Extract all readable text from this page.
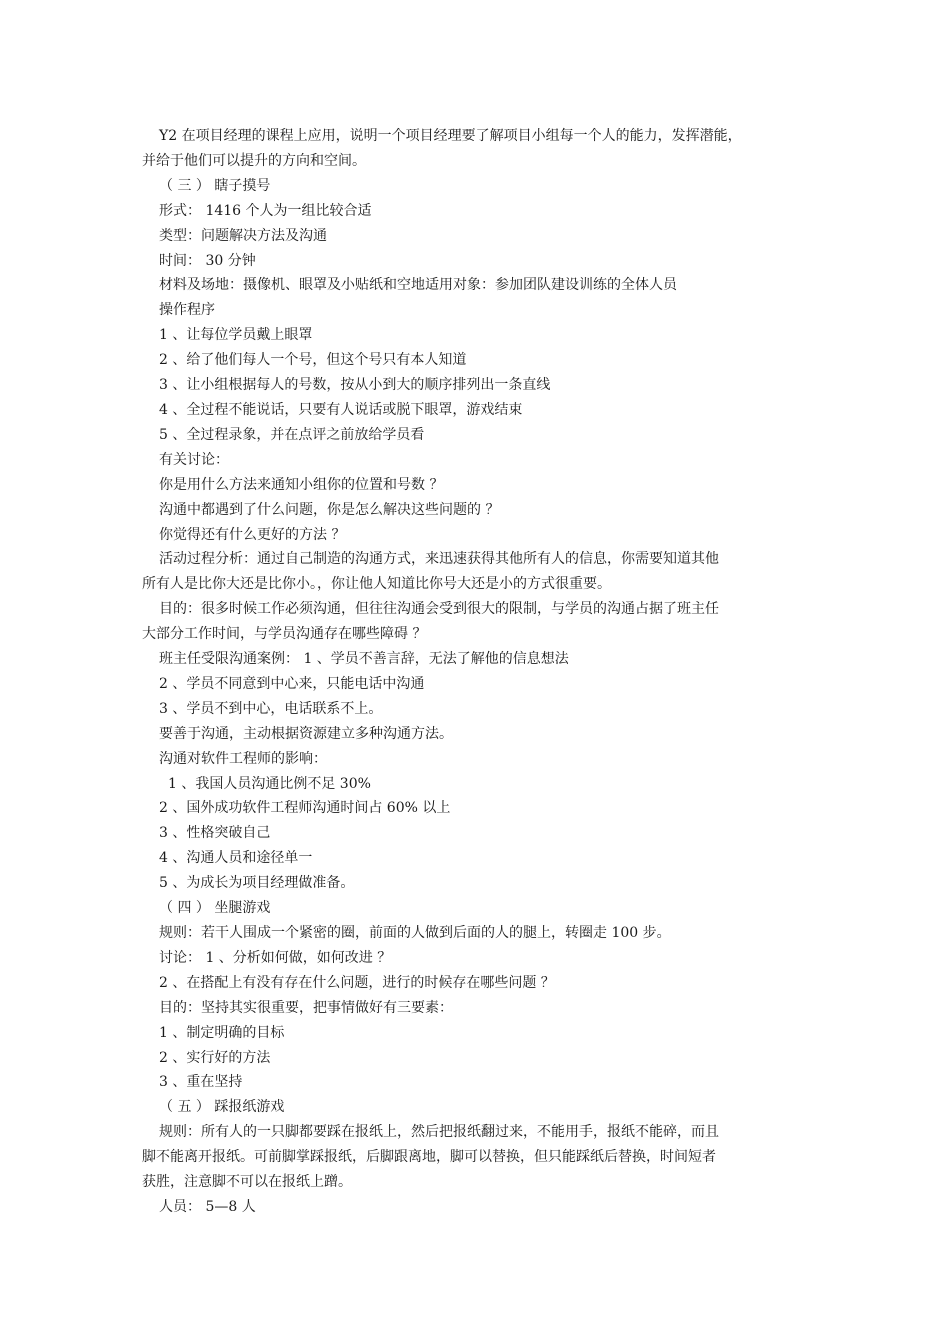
Y2 在项目经理的课程上应用，说明一个项目经理要了解项目小组每一个人的能力，发挥潜能，

并给于他们可以提升的方向和空间。

（ 三 ） 瞎子摸号

形式： 1416 个人为一组比较合适

类型：问题解决方法及沟通

时间： 30 分钟

材料及场地：摄像机、眼罩及小贴纸和空地适用对象：参加团队建设训练的全体人员

操作程序

1 、让每位学员戴上眼罩

2 、给了他们每人一个号，但这个号只有本人知道

3 、让小组根据每人的号数，按从小到大的顺序排列出一条直线

4 、全过程不能说话，只要有人说话或脱下眼罩，游戏结束

5 、全过程录象，并在点评之前放给学员看

有关讨论：

你是用什么方法来通知小组你的位置和号数 ？

沟通中都遇到了什么问题，你是怎么解决这些问题的 ？

你觉得还有什么更好的方法 ？

活动过程分析：通过自己制造的沟通方式，来迅速获得其他所有人的信息，你需要知道其他

所有人是比你大还是比你小。，你让他人知道比你号大还是小的方式很重要。

目的：很多时候工作必须沟通，但往往沟通会受到很大的限制，与学员的沟通占据了班主任

大部分工作时间，与学员沟通存在哪些障碍 ？

班主任受限沟通案例： 1 、学员不善言辞，无法了解他的信息想法

2 、学员不同意到中心来，只能电话中沟通

3 、学员不到中心，电话联系不上。

要善于沟通，主动根据资源建立多种沟通方法。

沟通对软件工程师的影响：

1 、我国人员沟通比例不足 30%

2 、国外成功软件工程师沟通时间占 60% 以上

3 、性格突破自己

4 、沟通人员和途径单一

5 、为成长为项目经理做准备。

（ 四 ） 坐腿游戏

规则：若干人围成一个紧密的圈，前面的人做到后面的人的腿上，转圈走 100 步。

讨论： 1 、分析如何做，如何改进 ？

2 、在搭配上有没有存在什么问题，进行的时候存在哪些问题 ？

目的：坚持其实很重要，把事情做好有三要素：

1 、制定明确的目标

2 、实行好的方法

3 、重在坚持

（ 五 ） 踩报纸游戏

规则：所有人的一只脚都要踩在报纸上，然后把报纸翻过来，不能用手，报纸不能碎，而且

脚不能离开报纸。可前脚掌踩报纸，后脚跟离地，脚可以替换，但只能踩纸后替换，时间短者

获胜，注意脚不可以在报纸上蹭。

人员： 5—8 人
